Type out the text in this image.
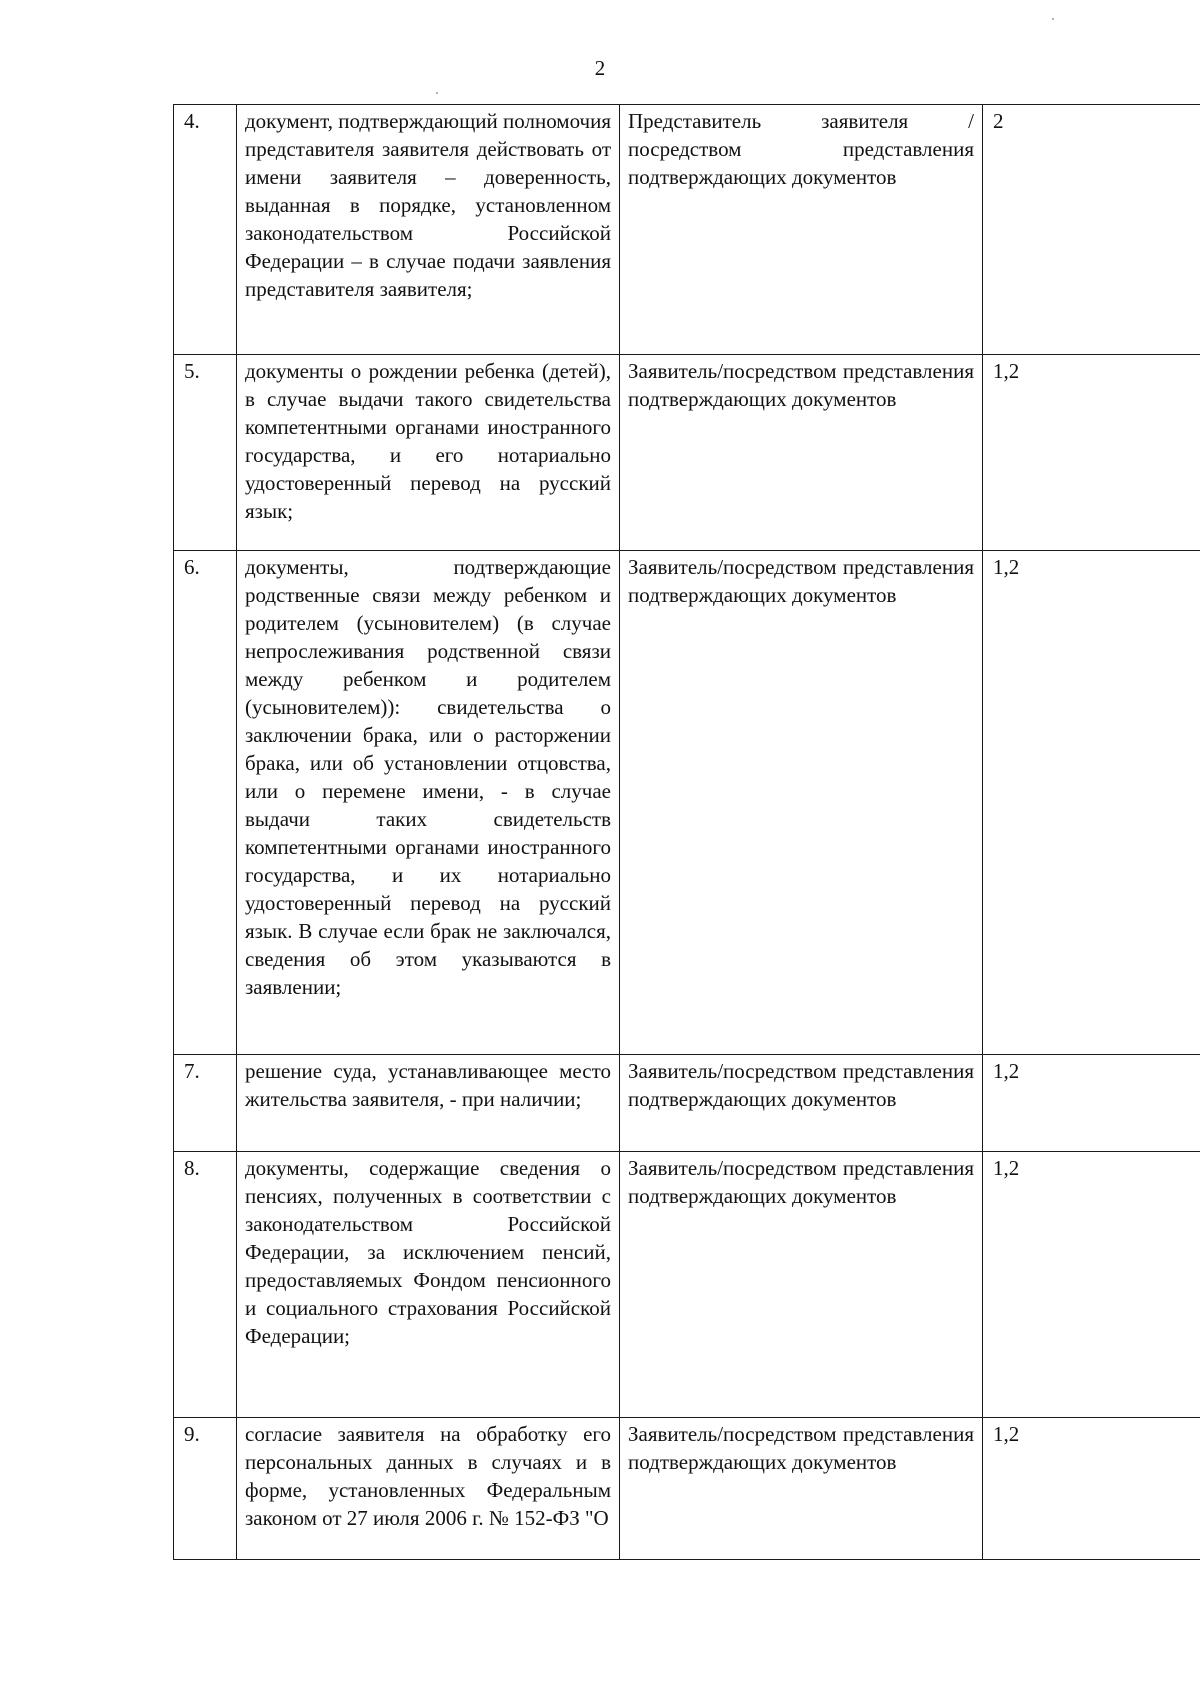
2
4.	документ, подтверждающий полномочия представителя заявителя действовать от имени заявителя – доверенность, выданная в порядке, установленном законодательством Российской Федерации – в случае подачи заявления представителя заявителя;	Представитель заявителя /посредством представления подтверждающих документов	2
5.	документы о рождении ребенка (детей), в случае выдачи такого свидетельства компетентными органами иностранного государства, и его нотариально удостоверенный перевод на русский язык;	Заявитель/посредством представления подтверждающих документов	1,2
6.	документы, подтверждающие родственные связи между ребенком и родителем (усыновителем) (в случае непрослеживания родственной связи между ребенком и родителем (усыновителем)): свидетельства о заключении брака, или о расторжении брака, или об установлении отцовства, или о перемене имени, - в случае выдачи таких свидетельств компетентными органами иностранного государства, и их нотариально удостоверенный перевод на русский язык. В случае если брак не заключался, сведения об этом указываются в заявлении;	Заявитель/посредством представления подтверждающих документов	1,2
7.	решение суда, устанавливающее место жительства заявителя, - при наличии;	Заявитель/посредством представления подтверждающих документов	1,2
8.	документы, содержащие сведения о пенсиях, полученных в соответствии с законодательством Российской Федерации, за исключением пенсий, предоставляемых Фондом пенсионного и социального страхования Российской Федерации;	Заявитель/посредством представления подтверждающих документов	1,2
9.	согласие заявителя на обработку его персональных данных в случаях и в форме, установленных Федеральным законом от 27 июля 2006 г. № 152-ФЗ "О	Заявитель/посредством представления подтверждающих документов	1,2
